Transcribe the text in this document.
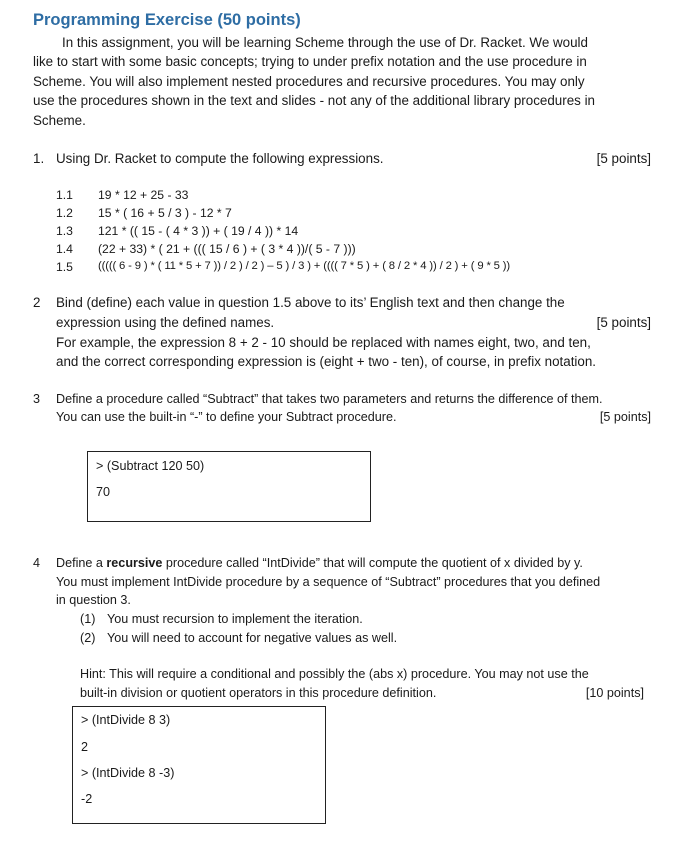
Programming Exercise (50 points)
In this assignment, you will be learning Scheme through the use of Dr. Racket. We would
like to start with some basic concepts; trying to under prefix notation and the use procedure in
Scheme. You will also implement nested procedures and recursive procedures. You may only
use the procedures shown in the text and slides - not any of the additional library procedures in
Scheme.
1. Using Dr. Racket to compute the following expressions.	[5 points]
1.1 19 * 12 + 25 - 33
1.2 15 * ( 16 + 5 / 3 ) - 12 * 7
1.3 121 * (( 15 - ( 4 * 3 )) + ( 19 / 4 )) * 14
1.4 (22 + 33) * ( 21 + ((( 15 / 6 ) + ( 3 * 4 ))/( 5 - 7 )))
1.5 ((((( 6 - 9 ) * ( 11 * 5 + 7 )) / 2 ) / 2 ) – 5 ) / 3 ) + (((( 7 * 5 ) + ( 8 / 2 * 4 )) / 2 ) + ( 9 * 5 ))
2 Bind (define) each value in question 1.5 above to its’ English text and then change the
expression using the defined names.	[5 points]
For example, the expression 8 + 2 - 10 should be replaced with names eight, two, and ten,
and the correct corresponding expression is (eight + two - ten), of course, in prefix notation.
3 Define a procedure called “Subtract” that takes two parameters and returns the difference of them.
You can use the built-in “-” to define your Subtract procedure.	[5 points]
> (Subtract 120 50)
70
4 Define a recursive procedure called “IntDivide” that will compute the quotient of x divided by y.
You must implement IntDivide procedure by a sequence of “Subtract” procedures that you defined
in question 3.
(1) You must recursion to implement the iteration.
(2) You will need to account for negative values as well.
Hint: This will require a conditional and possibly the (abs x) procedure. You may not use the
built-in division or quotient operators in this procedure definition.	[10 points]
> (IntDivide 8 3)
2
> (IntDivide 8 -3)
-2
